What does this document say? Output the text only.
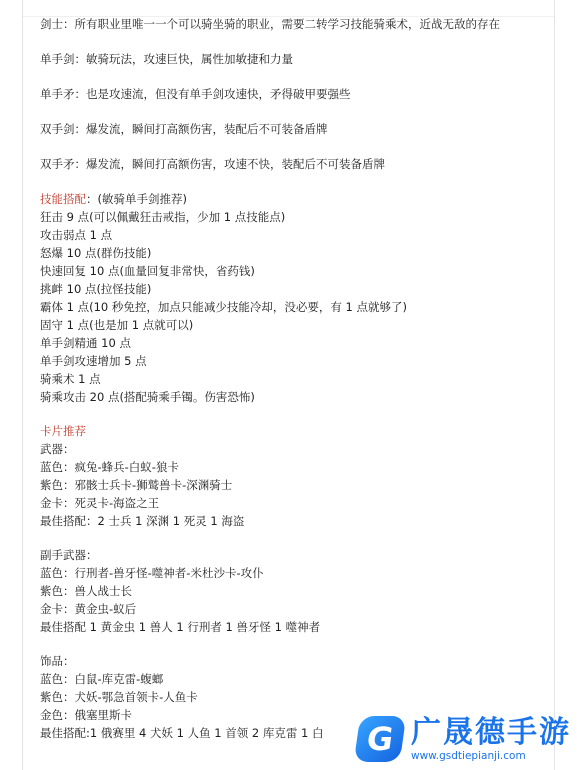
剑士：所有职业里唯一一个可以骑坐骑的职业，需要二转学习技能骑乘术，近战无敌的存在
单手剑：敏骑玩法，攻速巨快，属性加敏捷和力量
单手矛：也是攻速流，但没有单手剑攻速快，矛得破甲要强些
双手剑：爆发流，瞬间打高额伤害，装配后不可装备盾牌
双手矛：爆发流，瞬间打高额伤害，攻速不快，装配后不可装备盾牌
技能搭配：(敏骑单手剑推荐)
狂击 9 点(可以佩戴狂击戒指，少加 1 点技能点)
攻击弱点 1 点
怒爆 10 点(群伤技能)
快速回复 10 点(血量回复非常快，省药钱)
挑衅 10 点(拉怪技能)
霸体 1 点(10 秒免控，加点只能减少技能冷却，没必要，有 1 点就够了)
固守 1 点(也是加 1 点就可以)
单手剑精通 10 点
单手剑攻速增加 5 点
骑乘术 1 点
骑乘攻击 20 点(搭配骑乘手镯。伤害恐怖)
卡片推荐
武器：
蓝色：疯兔-蜂兵-白蚁-狼卡
紫色：邪骸士兵卡-狮鹫兽卡-深渊骑士
金卡：死灵卡-海盗之王
最佳搭配：2 士兵 1 深渊 1 死灵 1 海盗
副手武器：
蓝色：行刑者-兽牙怪-噬神者-米杜沙卡-攻仆
紫色：兽人战士长
金卡：黄金虫-蚁后
最佳搭配 1 黄金虫 1 兽人 1 行刑者 1 兽牙怪 1 噬神者
饰品：
蓝色：白鼠-库克雷-蝮螂
紫色：犬妖-鄂急首领卡-人鱼卡
金色：俄塞里斯卡
最佳搭配:1 俄赛里 4 犬妖 1 人鱼 1 首领 2 库克雷 1 白	G 广晟德手游
www.gsdtiepianji.com
